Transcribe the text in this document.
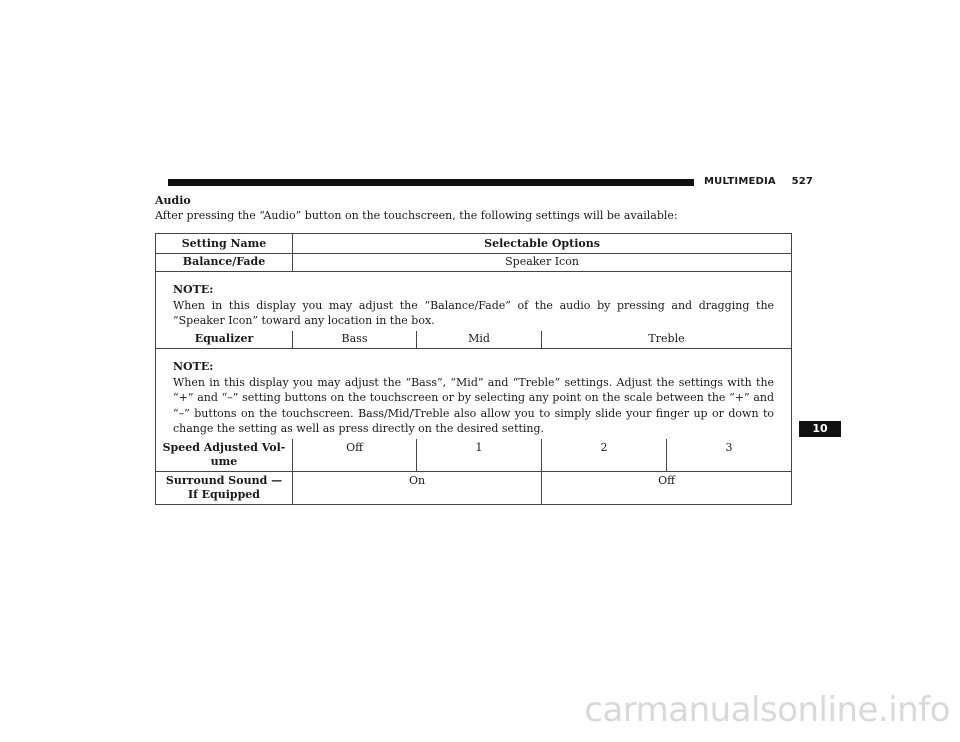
MULTIMEDIA 527
Audio
After pressing the “Audio” button on the touchscreen, the following settings will be available:
Setting Name	Selectable Options			
Balance/Fade	Speaker Icon			

NOTE:
When in this display you may adjust the “Balance/Fade” of the audio by pressing and dragging the “Speaker Icon” toward any location in the box.				

Equalizer	Bass	Mid	Treble	

NOTE:
When in this display you may adjust the “Bass”, “Mid” and “Treble” settings. Adjust the settings with the “+” and “–” setting buttons on the touchscreen or by selecting any point on the scale between the “+” and “–” buttons on the touchscreen. Bass/Mid/Treble also allow you to simply slide your finger up or down to change the setting as well as press directly on the desired setting.				

Speed Adjusted Vol-ume	Off	1	2	3
Surround Sound — If Equipped	On		Off	
10
carmanualsonline.info
